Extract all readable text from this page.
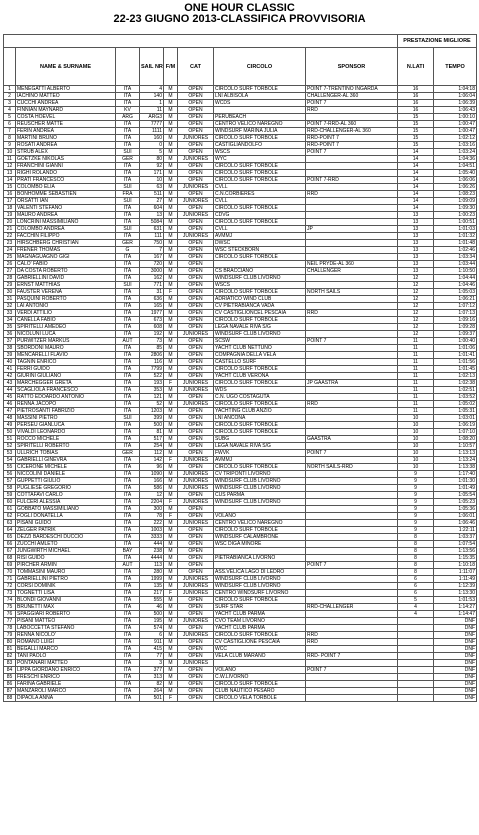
ONE HOUR CLASSIC
22-23 GIUGNO 2013-CLASSIFICA PROVVISORIA
								PRESTAZIONE MIGLIORE	
	NAME & SURNAME		SAIL NR	F/M	CAT	CIRCOLO	SPONSOR	N.LATI	TEMPO
1	MENEGATTI ALBERTO	ITA	4	M	OPEN	CIRCOLO SURF TORBOLE	POINT 7-TRENTINO INGARDA	16	1:04:18
2	IACHINO MATTEO	ITA	140	M	OPEN	LNI ALBISOLA	CHALLENGER-AL 360	16	1:06:04
3	CUCCHI ANDREA	ITA	1	M	OPEN	WCDS	POINT 7	16	1:06:39
4	FINNIAN MAYNARD	KV	11	M	OPEN		RRD	16	1:06:43
5	COSTA HOEVEL	ARG	ARG3	M	OPEN	PERUBEACH		15	1:00:10
6	REUSCHER MATTE	ITA	7777	M	OPEN	CENTRO VELICO NAREGNO	POINT 7-RRD-AL 360	15	1:00:47
7	FERIN ANDREA	ITA	1111	M	OPEN	WINDSURF MARINA JULIA	RRD-CHALLENGER-AL 360	15	1:00:47
8	MARTINI BRUNO	ITA	160	M	JUNIORES	CIRCOLO SURF TORBOLE	RRD-POINT 7	15	1:02:12
9	ROSATI ANDREA	ITA	0	M	OPEN	CASTIGLIANDOLFO	RRD-POINT 7	15	1:03:16
10	STRUB ALEX	SUI	5	M	OPEN	WSCS	POINT 7	14	1:03:24
11	GOETZKE NIKOLAS	GER	80	M	JUNIORES	WYC		14	1:04:36
12	FRANCHINI GIANNI	ITA	92	M	OPEN	CIRCOLO SURF TORBOLE		14	1:04:51
13	RIGHI ROLANDO	ITA	171	M	OPEN	CIRCOLO SURF TORBOLE		14	1:05:40
14	PRATI FRANCESCO	ITA	10	M	OPEN	CIRCOLO SURF TORBOLE	POINT 7-RRD	14	1:06:06
15	COLOMBO ELIA	SUI	63	M	JUNIORES	CVLL		14	1:06:26
16	BONHOMME SEBASTIEN	FRA	511	M	OPEN	C.N.CORBIERES	RRD	14	1:08:23
17	ORSATTI IAN	SUI	27	M	JUNIORES	CVLL		14	1:09:09
18	VALENTI STEFANO	ITA	604	M	OPEN	CIRCOLO SURF TORBOLE		14	1:09:30
19	MAURO ANDREA	ITA	13	M	JUNIORES	CDVG		13	1:00:23
20	LONCRINI MASSIMILIANO	ITA	5084	M	OPEN	CIRCOLO SURF TORBOLE		13	1:00:51
21	COLOMBO ANDREA	SUI	631	M	OPEN	CVLL	JP	13	1:01:03
22	FACCHIN FILIPPO	ITA	111	M	JUNIORES	AVMMJ		13	1:01:32
23	HIRSCHBERG CHRISTIAN	GER	750	M	OPEN	DWSC		13	1:01:48
24	FRENER THOMAS	G	7	M	OPEN	WSC STECKBORN		13	1:02:46
25	MAGNAGUAGNO GIGI	ITA	167	M	OPEN	CIRCOLO SURF TORBOLE		13	1:03:34
26	CALO' FABIO	ITA	720	M	OPEN		NEIL PRYDE-AL 360	13	1:03:44
27	DA COSTA ROBERTO	ITA	3000	M	OPEN	CS BRACCIANO	CHALLENGER	13	1:10:50
28	GABRIELLINI DAVID	ITA	162	M	OPEN	WINDSURF CLUB LIVORNO		12	1:04:44
29	ERNST MATTHIAS	SUI	771	M	OPEN	WSCS		12	1:04:46
30	FAUSTER VERENA	ITA	31	F	OPEN	CIRCOLO SURF TORBOLE	NORTH SAILS	12	1:05:03
31	PASQUINI ROBERTO	ITA	636	M	OPEN	ADRIATICO WIND CLUB		12	1:06:21
32	LAI ANTONIO	ITA	165	M	OPEN	CV PIETRABIANCA VADA		12	1:07:12
33	VERDI ATTILIO	ITA	1977	M	OPEN	CV CASTIGLIONCEL PESCAIA	RRD	12	1:07:13
34	CANELLA FABIO	ITA	673	M	OPEN	CIRCOLO SURF TORBOLE		12	1:09:16
35	SPIRITELLI AMEDEO	ITA	608	M	OPEN	LEGA NAVALE RIVA S/G		12	1:09:28
36	NICOLUNI LUCA	ITA	192	M	JUNIORES	WINDSURF CLUB LIVORNO		12	1:09:37
37	PURWITZER MARKUS	AUT	73	M	OPEN	SCSW	POINT 7	11	1:00:40
38	SBORDONI MAURO	ITA	85	M	OPEN	YACHT CLUB NETTUNO		11	1:01:06
39	MENCARELLI FLAVIO	ITA	2806	M	OPEN	COMPAGNIA DELLA VELA		11	1:01:41
40	TAGNIN ENRICO	ITA	116	M	OPEN	CASTELLO SURF		11	1:01:56
41	FERRI GUIDO	ITA	7799	M	OPEN	CIRCOLO SURF TORBOLE		11	1:01:45
42	GIURINI GIULIANO	ITA	522	M	OPEN	YACHT CLUB VERONA		11	1:02:13
43	MARCHEGGER GRETA	ITA	193	F	JUNIORES	CIRCOLO SURF TORBOLE	JP GAASTRA	11	1:02:38
44	SCAGLIOLA FRANCESCO	ITA	353	M	JUNIORES	WDS		11	1:02:51
45	RATTO EDOARDO ANTONIO	ITA	121	M	OPEN	C.N. UGO COSTAGUTA		11	1:03:52
46	RENNA JACOPO	ITA	52	M	JUNIORES	CIRCOLO SURF TORBOLE	RRD	11	1:05:02
47	PIETROSANTI FABRIZIO	ITA	1203	M	OPEN	YACHTING CLUB ANZIO		11	1:05:31
48	MASSINI PIETRO	SUI	399	M	OPEN	LNI ANCONA		10	1:03:01
49	PERSEU GIANLUCA	ITA	500	M	OPEN	CIRCOLO SURF TORBOLE		10	1:06:19
50	VIVALDI LEONARDO	ITA	81	M	OPEN	CIRCOLO SURF TORBOLE		10	1:07:10
51	ROCCO MICHELE	ITA	517	M	OPEN	SUBG	GAASTRA	10	1:08:20
52	SPIRITELLI ROBERTO	ITA	254	M	OPEN	LEGA NAVALE RIVA S/G		10	1:10:57
53	ULLRICH TOBIAS	GER	112	M	OPEN	FWVK	POINT 7	10	1:13:13
54	GABRIELLI GINEVRA	ITA	142	F	JUNIORES	AVMMJ		10	1:13:24
55	CICERONE MICHELE	ITA	96	M	OPEN	CIRCOLO SURF TORBOLE	NORTH SAILS-RRD	10	1:13:38
56	NICCOLINI DANIELE	ITA	1090	M	JUNIORES	CV TRIPONTI LIVORNO		9	1:17:40
57	GUPPETTI GIULIO	ITA	166	M	JUNIORES	WINDSURF CLUB LIVORNO		9	1:01:30
58	PUGLIESE GREGORIO	ITA	586	M	JUNIORES	WINDSURF CLUB LIVORNO		9	1:01:49
59	COTTAFAVI CARLO	ITA	12	M	OPEN	CUS PARMA		9	1:05:54
60	FULCERI ALESSIA	ITA	2204	F	JUNIORES	WINDSURF CLUB LIVORNO		9	1:05:23
61	GOBBATO MASSIMILIANO	ITA	300	M	OPEN			9	1:05:36
62	FOGLI DONATELLA	ITA	78	F	OPEN	VOLANO		9	1:06:01
63	PISANI GUIDO	ITA	222	M	JUNIORES	CENTRO VELICO NAREGNO		9	1:06:46
64	ZELGER PATRIK	ITA	1003	M	OPEN	CIRCOLO SURF TORBOLE		9	1:22:11
65	DEZZI BARDESCHI DUCCIO	ITA	3333	M	OPEN	WINDSURF CALAMBRONE		8	1:03:37
66	ZUCCHI AMLETO	ITA	444	M	OPEN	WSC DIGA MINORE		8	1:07:54
67	JUNGWIRTH MICHAEL	BAY	238	M	OPEN			8	1:13:56
68	RISI GUIDO	ITA	4444	M	OPEN	PIETRABIANCA LIVORNO		8	1:15:35
69	PIRCHER ARMIN	AUT	113	M	OPEN		POINT 7	8	1:10:18
70	TOMMASINI MAURO	ITA	280	M	OPEN	ASS.VELICA LAGO DI LEDRO		8	1:11:07
71	GABRIELLINI PIETRO	ITA	1999	M	JUNIORES	WINDSURF CLUB LIVORNO		6	1:11:49
72	CORSI DOMINIK	ITA	135	M	JUNIORES	WINDSURF CLUB LIVORNO		6	1:12:39
73	TOGNETTI LISA	ITA	217	F	JUNIORES	CENTRO WINDSURF LIVORNO		6	1:13:30
74	BLONDI GIOVANNI	ITA	555	M	OPEN	CIRCOLO SURF TORBOLE		5	1:01:53
75	BRUNETTI MAX	ITA	46	M	OPEN	SURF STAR	RRD-CHALLENGER	4	1:14:27
76	SPAGGIARI ROBERTO	ITA	500	M	OPEN	YACHT CLUB PARMA		4	1:14:47
77	PISANI MATTEO	ITA	195	M	JUNIORES	CVO TEAM LIVORNO			DNF
78	LABOCCETTA STEFANO	ITA	574	M	OPEN	YACHT CLUB PARMA			DNF
79	RENNA NICOLO'	ITA	6	M	JUNIORES	CIRCOLO SURF TORBOLE	RRD		DNF
80	ROMANO LUIGI	ITA	911	M	OPEN	CV CASTIGLIONE PESCAIA	RRD		DNF
81	BEGALLI MARCO	ITA	415	M	OPEN	WCC			DNF
82	TANI PAOLO	ITA	77	M	OPEN	VELA CLUB MARANO	RRD- POINT 7		DNF
83	PONTANARI MATTEO	ITA	3	M	JUNIORES				DNF
84	LIPPA GIORDANO ENRICO	ITA	377	M	OPEN	VOLANO	POINT 7		DNF
85	FRESCHI ENRICO	ITA	313	M	OPEN	C.W.LIVORNO			DNF
86	FARINA GABRIELE	ITA	82	M	OPEN	CIRCOLO SURF TORBOLE			DNF
87	MANZAROLI MARCO	ITA	264	M	OPEN	CLUB NAUTICO PESARO			DNF
88	DIPAOLA ANNA	ITA	501	F	OPEN	CIRCOLO VELA TORBOLE			DNF
